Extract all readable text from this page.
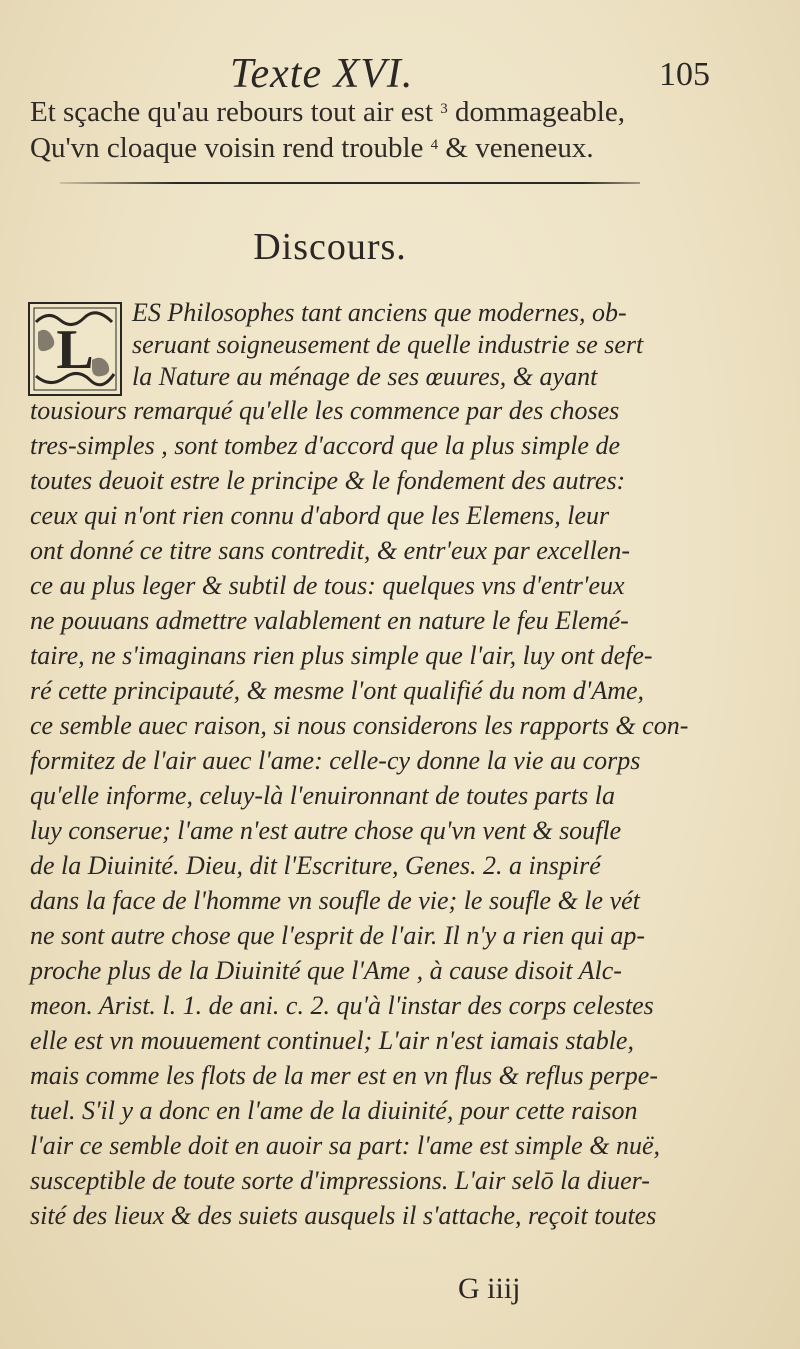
Texte XVI.	105
Et sçache qu'au rebours tout air est $^3$ dommageable,
Qu'vn cloaque voisin rend trouble $^4$ & veneneux.
Discours.
L
ES Philosophes tant anciens que modernes, ob-
seruant soigneusement de quelle industrie se sert
la Nature au ménage de ses œuures, & ayant
tousiours remarqué qu'elle les commence par des choses
tres-simples , sont tombez d'accord que la plus simple de
toutes deuoit estre le principe & le fondement des autres:
ceux qui n'ont rien connu d'abord que les Elemens, leur
ont donné ce titre sans contredit, & entr'eux par excellen-
ce au plus leger & subtil de tous: quelques vns d'entr'eux
ne pouuans admettre valablement en nature le feu Elemé-
taire, ne s'imaginans rien plus simple que l'air, luy ont defe-
ré cette principauté, & mesme l'ont qualifié du nom d'Ame,
ce semble auec raison, si nous considerons les rapports & con-
formitez de l'air auec l'ame: celle-cy donne la vie au corps
qu'elle informe, celuy-là l'enuironnant de toutes parts la
luy conserue; l'ame n'est autre chose qu'vn vent & soufle
de la Diuinité. Dieu, dit l'Escriture, Genes. 2. a inspiré
dans la face de l'homme vn soufle de vie; le soufle & le vét
ne sont autre chose que l'esprit de l'air. Il n'y a rien qui ap-
proche plus de la Diuinité que l'Ame , à cause disoit Alc-
meon. Arist. l. 1. de ani. c. 2. qu'à l'instar des corps celestes
elle est vn mouuement continuel; L'air n'est iamais stable,
mais comme les flots de la mer est en vn flus & reflus perpe-
tuel. S'il y a donc en l'ame de la diuinité, pour cette raison
l'air ce semble doit en auoir sa part: l'ame est simple & nuë,
susceptible de toute sorte d'impressions. L'air selō la diuer-
sité des lieux & des suiets ausquels il s'attache, reçoit toutes
G iiij
